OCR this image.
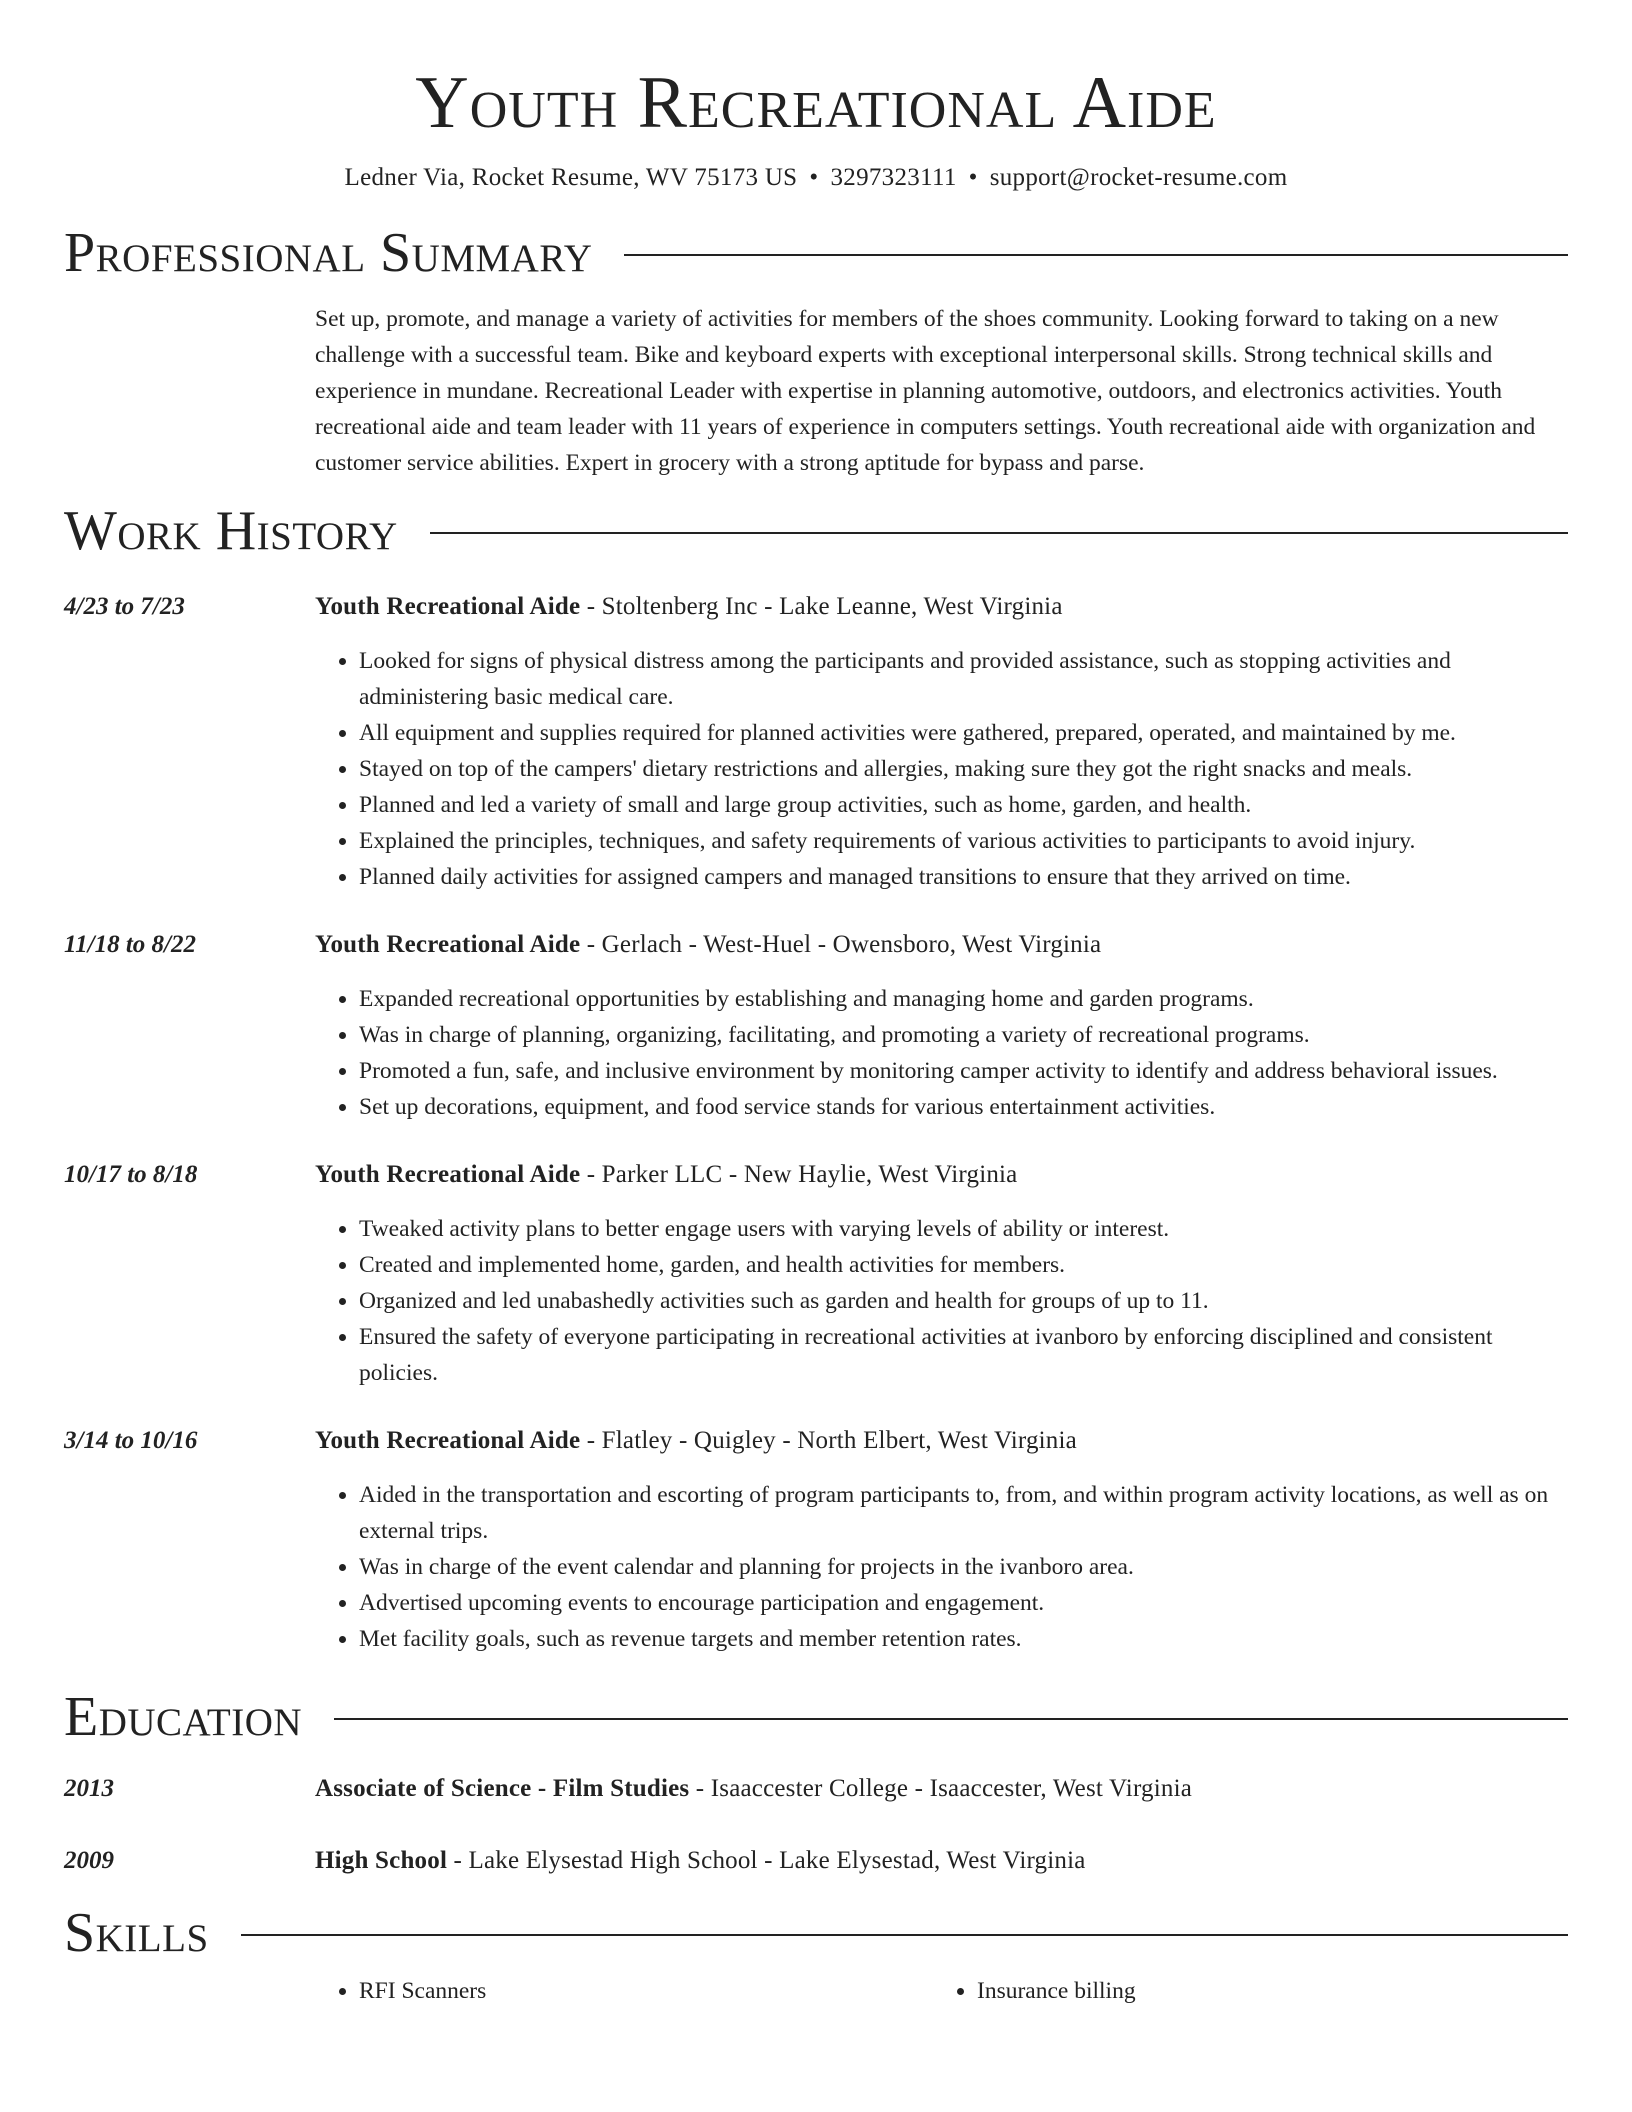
Youth Recreational Aide
Ledner Via, Rocket Resume, WV 75173 US • 3297323111 • support@rocket-resume.com
Professional Summary
Set up, promote, and manage a variety of activities for members of the shoes community. Looking forward to taking on a new challenge with a successful team. Bike and keyboard experts with exceptional interpersonal skills. Strong technical skills and experience in mundane. Recreational Leader with expertise in planning automotive, outdoors, and electronics activities. Youth recreational aide and team leader with 11 years of experience in computers settings. Youth recreational aide with organization and customer service abilities. Expert in grocery with a strong aptitude for bypass and parse.
Work History
4/23 to 7/23	Youth Recreational Aide - Stoltenberg Inc - Lake Leanne, West Virginia
• Looked for signs of physical distress among the participants and provided assistance, such as stopping activities and administering basic medical care.
• All equipment and supplies required for planned activities were gathered, prepared, operated, and maintained by me.
• Stayed on top of the campers' dietary restrictions and allergies, making sure they got the right snacks and meals.
• Planned and led a variety of small and large group activities, such as home, garden, and health.
• Explained the principles, techniques, and safety requirements of various activities to participants to avoid injury.
• Planned daily activities for assigned campers and managed transitions to ensure that they arrived on time.
11/18 to 8/22	Youth Recreational Aide - Gerlach - West-Huel - Owensboro, West Virginia
• Expanded recreational opportunities by establishing and managing home and garden programs.
• Was in charge of planning, organizing, facilitating, and promoting a variety of recreational programs.
• Promoted a fun, safe, and inclusive environment by monitoring camper activity to identify and address behavioral issues.
• Set up decorations, equipment, and food service stands for various entertainment activities.
10/17 to 8/18	Youth Recreational Aide - Parker LLC - New Haylie, West Virginia
• Tweaked activity plans to better engage users with varying levels of ability or interest.
• Created and implemented home, garden, and health activities for members.
• Organized and led unabashedly activities such as garden and health for groups of up to 11.
• Ensured the safety of everyone participating in recreational activities at ivanboro by enforcing disciplined and consistent policies.
3/14 to 10/16	Youth Recreational Aide - Flatley - Quigley - North Elbert, West Virginia
• Aided in the transportation and escorting of program participants to, from, and within program activity locations, as well as on external trips.
• Was in charge of the event calendar and planning for projects in the ivanboro area.
• Advertised upcoming events to encourage participation and engagement.
• Met facility goals, such as revenue targets and member retention rates.
Education
2013	Associate of Science - Film Studies - Isaaccester College - Isaaccester, West Virginia
2009	High School - Lake Elysestad High School - Lake Elysestad, West Virginia
Skills
• RFI Scanners
•	Insurance billing
